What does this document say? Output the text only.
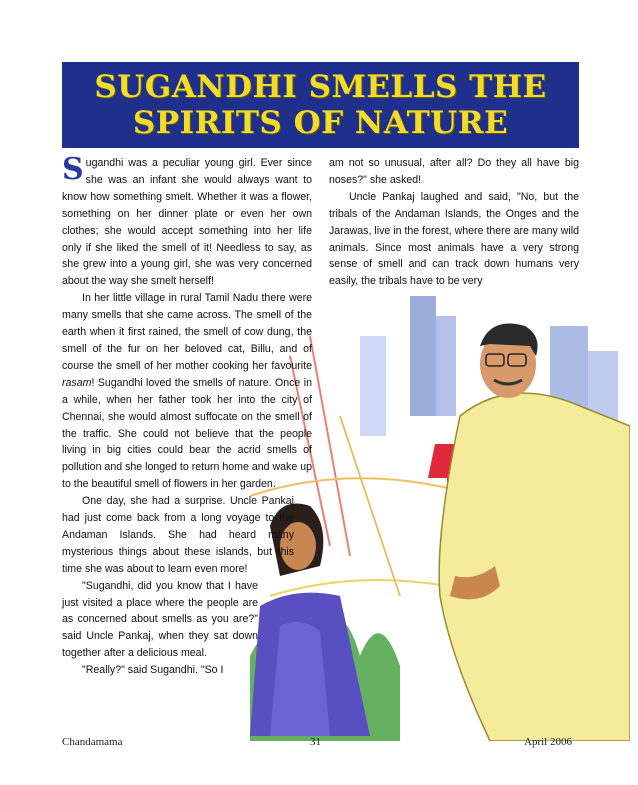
SUGANDHI SMELLS THE
SPIRITS OF NATURE

Sugandhi was a peculiar young girl. Ever since she was an infant she would always want to know how something smelt. Whether it was a flower, something on her dinner plate or even her own clothes; she would accept something into her life only if she liked the smell of it! Needless to say, as she grew into a young girl, she was very concerned about the way she smelt herself!

In her little village in rural Tamil Nadu there were many smells that she came across. The smell of the earth when it first rained, the smell of cow dung, the smell of the fur on her beloved cat, Billu, and of course the smell of her mother cooking her favourite rasam! Sugandhi loved the smells of nature. Once in a while, when her father took her into the city of Chennai, she would almost suffocate on the smell of the traffic. She could not believe that the people living in big cities could bear the acrid smells of pollution and she longed to return home and wake up to the beautiful smell of flowers in her garden.

One day, she had a surprise. Uncle Pankaj had just come back from a long voyage to the Andaman Islands. She had heard many mysterious things about these islands, but this time she was about to learn even more!

"Sugandhi, did you know that I have just visited a place where the people are as concerned about smells as you are?" said Uncle Pankaj, when they sat down together after a delicious meal.

"Really?" said Sugandhi. "So I

am not so unusual, after all? Do they all have big noses?" she asked!

Uncle Pankaj laughed and said, "No, but the tribals of the Andaman Islands, the Onges and the Jarawas, live in the forest, where there are many wild animals. Since most animals have a very strong sense of smell and can track down humans very easily, the tribals have to be very

Chandamama	31	April 2006
